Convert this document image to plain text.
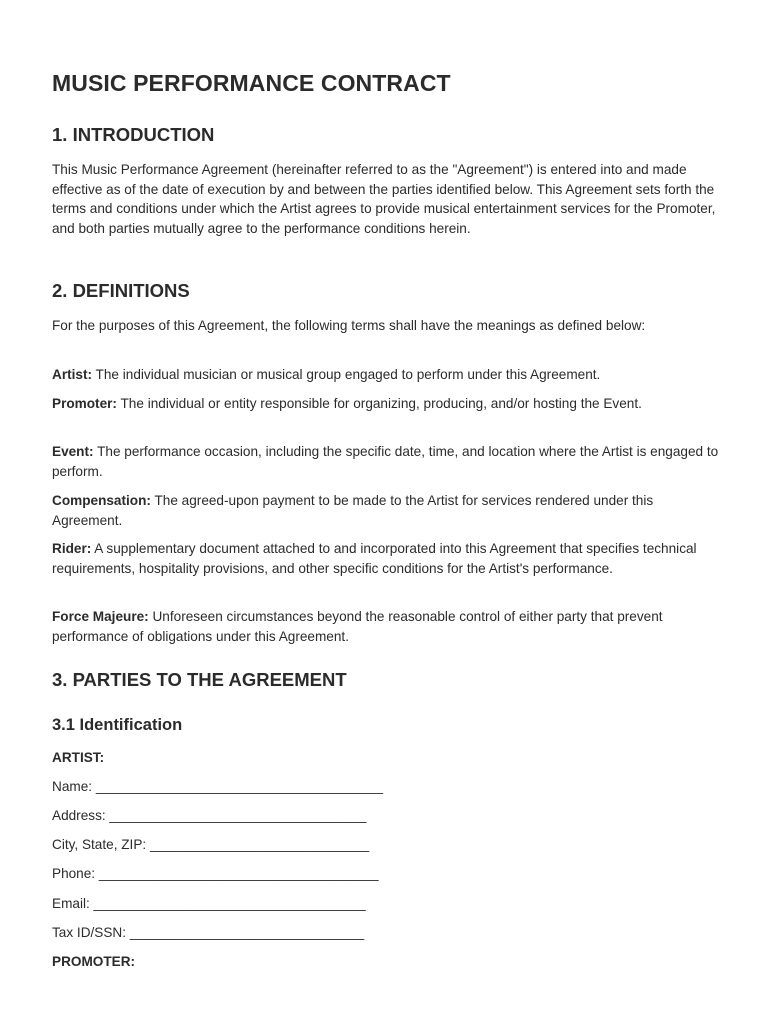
MUSIC PERFORMANCE CONTRACT
1. INTRODUCTION

This Music Performance Agreement (hereinafter referred to as the "Agreement") is entered into and made effective as of the date of execution by and between the parties identified below. This Agreement sets forth the terms and conditions under which the Artist agrees to provide musical entertainment services for the Promoter, and both parties mutually agree to the performance conditions herein.

2. DEFINITIONS

For the purposes of this Agreement, the following terms shall have the meanings as defined below:

Artist: The individual musician or musical group engaged to perform under this Agreement.

Promoter: The individual or entity responsible for organizing, producing, and/or hosting the Event.

Event: The performance occasion, including the specific date, time, and location where the Artist is engaged to perform.

Compensation: The agreed-upon payment to be made to the Artist for services rendered under this Agreement.

Rider: A supplementary document attached to and incorporated into this Agreement that specifies technical requirements, hospitality provisions, and other specific conditions for the Artist's performance.

Force Majeure: Unforeseen circumstances beyond the reasonable control of either party that prevent performance of obligations under this Agreement.

3. PARTIES TO THE AGREEMENT
3.1 Identification

ARTIST:

Name: ______________________________________

Address: __________________________________

City, State, ZIP: _____________________________

Phone: _____________________________________

Email: ____________________________________

Tax ID/SSN: _______________________________

PROMOTER:
